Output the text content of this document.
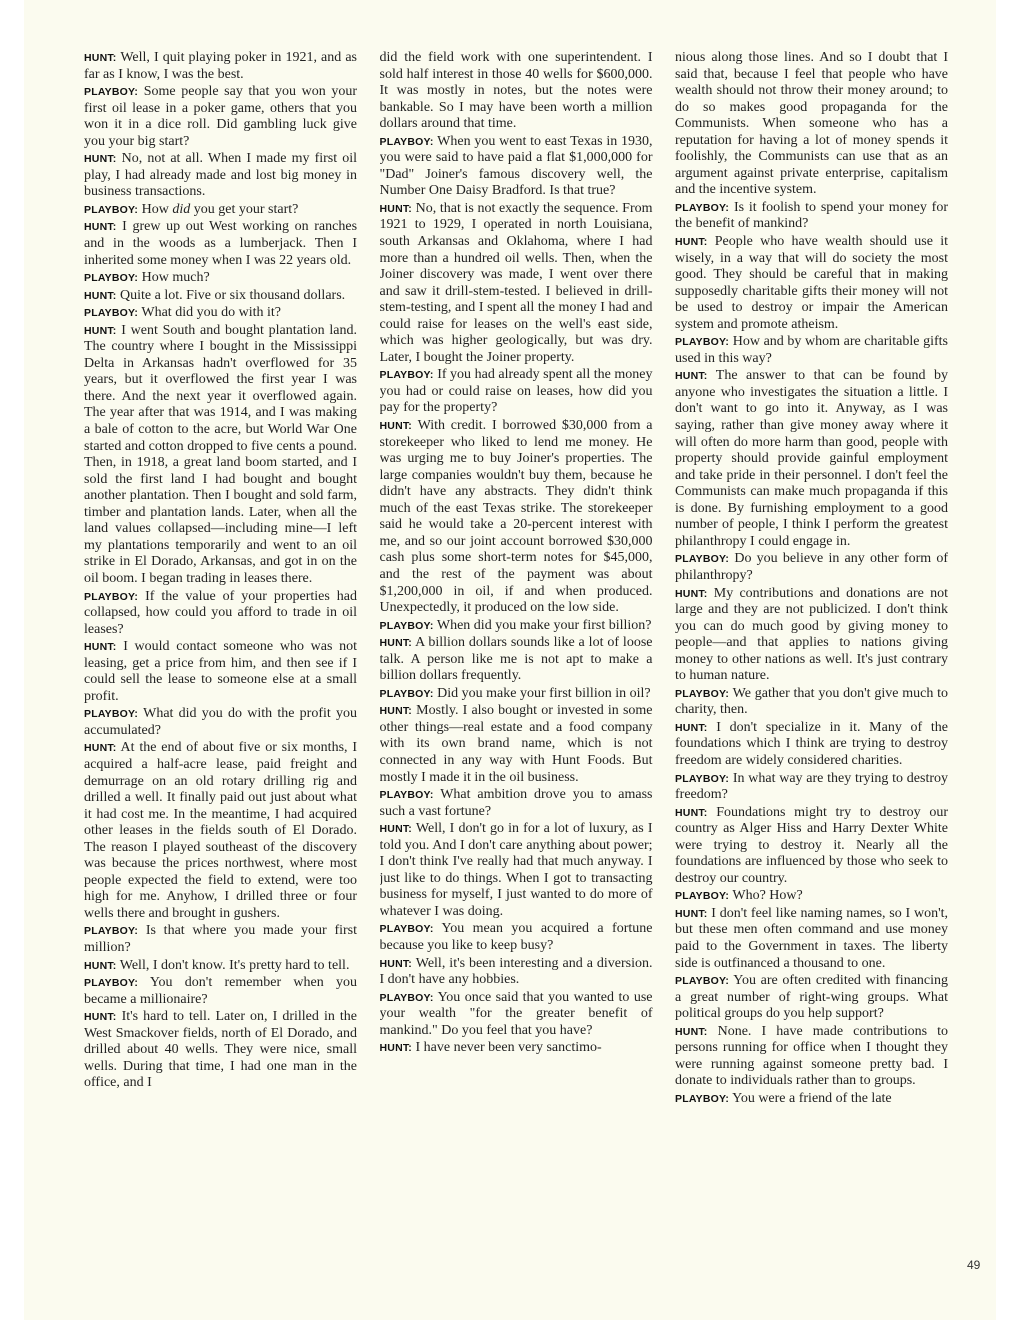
HUNT: Well, I quit playing poker in 1921, and as far as I know, I was the best.

PLAYBOY: Some people say that you won your first oil lease in a poker game, others that you won it in a dice roll. Did gambling luck give you your big start?

HUNT: No, not at all. When I made my first oil play, I had already made and lost big money in business transactions.

PLAYBOY: How did you get your start?

HUNT: I grew up out West working on ranches and in the woods as a lumberjack. Then I inherited some money when I was 22 years old.

PLAYBOY: How much?

HUNT: Quite a lot. Five or six thousand dollars.

PLAYBOY: What did you do with it?

HUNT: I went South and bought plantation land. The country where I bought in the Mississippi Delta in Arkansas hadn't overflowed for 35 years, but it overflowed the first year I was there. And the next year it overflowed again. The year after that was 1914, and I was making a bale of cotton to the acre, but World War One started and cotton dropped to five cents a pound. Then, in 1918, a great land boom started, and I sold the first land I had bought and bought another plantation. Then I bought and sold farm, timber and plantation lands. Later, when all the land values collapsed—including mine—I left my plantations temporarily and went to an oil strike in El Dorado, Arkansas, and got in on the oil boom. I began trading in leases there.

PLAYBOY: If the value of your properties had collapsed, how could you afford to trade in oil leases?

HUNT: I would contact someone who was not leasing, get a price from him, and then see if I could sell the lease to someone else at a small profit.

PLAYBOY: What did you do with the profit you accumulated?

HUNT: At the end of about five or six months, I acquired a half-acre lease, paid freight and demurrage on an old rotary drilling rig and drilled a well. It finally paid out just about what it had cost me. In the meantime, I had acquired other leases in the fields south of El Dorado. The reason I played southeast of the discovery was because the prices northwest, where most people expected the field to extend, were too high for me. Anyhow, I drilled three or four wells there and brought in gushers.

PLAYBOY: Is that where you made your first million?

HUNT: Well, I don't know. It's pretty hard to tell.

PLAYBOY: You don't remember when you became a millionaire?

HUNT: It's hard to tell. Later on, I drilled in the West Smackover fields, north of El Dorado, and drilled about 40 wells. They were nice, small wells. During that time, I had one man in the office, and I

did the field work with one superintendent. I sold half interest in those 40 wells for $600,000. It was mostly in notes, but the notes were bankable. So I may have been worth a million dollars around that time.

PLAYBOY: When you went to east Texas in 1930, you were said to have paid a flat $1,000,000 for "Dad" Joiner's famous discovery well, the Number One Daisy Bradford. Is that true?

HUNT: No, that is not exactly the sequence. From 1921 to 1929, I operated in north Louisiana, south Arkansas and Oklahoma, where I had more than a hundred oil wells. Then, when the Joiner discovery was made, I went over there and saw it drill-stem-tested. I believed in drill-stem-testing, and I spent all the money I had and could raise for leases on the well's east side, which was higher geologically, but was dry. Later, I bought the Joiner property.

PLAYBOY: If you had already spent all the money you had or could raise on leases, how did you pay for the property?

HUNT: With credit. I borrowed $30,000 from a storekeeper who liked to lend me money. He was urging me to buy Joiner's properties. The large companies wouldn't buy them, because he didn't have any abstracts. They didn't think much of the east Texas strike. The storekeeper said he would take a 20-percent interest with me, and so our joint account borrowed $30,000 cash plus some short-term notes for $45,000, and the rest of the payment was about $1,200,000 in oil, if and when produced. Unexpectedly, it produced on the low side.

PLAYBOY: When did you make your first billion?

HUNT: A billion dollars sounds like a lot of loose talk. A person like me is not apt to make a billion dollars frequently.

PLAYBOY: Did you make your first billion in oil?

HUNT: Mostly. I also bought or invested in some other things—real estate and a food company with its own brand name, which is not connected in any way with Hunt Foods. But mostly I made it in the oil business.

PLAYBOY: What ambition drove you to amass such a vast fortune?

HUNT: Well, I don't go in for a lot of luxury, as I told you. And I don't care anything about power; I don't think I've really had that much anyway. I just like to do things. When I got to transacting business for myself, I just wanted to do more of whatever I was doing.

PLAYBOY: You mean you acquired a fortune because you like to keep busy?

HUNT: Well, it's been interesting and a diversion. I don't have any hobbies.

PLAYBOY: You once said that you wanted to use your wealth "for the greater benefit of mankind." Do you feel that you have?

HUNT: I have never been very sanctimo-

nious along those lines. And so I doubt that I said that, because I feel that people who have wealth should not throw their money around; to do so makes good propaganda for the Communists. When someone who has a reputation for having a lot of money spends it foolishly, the Communists can use that as an argument against private enterprise, capitalism and the incentive system.

PLAYBOY: Is it foolish to spend your money for the benefit of mankind?

HUNT: People who have wealth should use it wisely, in a way that will do society the most good. They should be careful that in making supposedly charitable gifts their money will not be used to destroy or impair the American system and promote atheism.

PLAYBOY: How and by whom are charitable gifts used in this way?

HUNT: The answer to that can be found by anyone who investigates the situation a little. I don't want to go into it. Anyway, as I was saying, rather than give money away where it will often do more harm than good, people with property should provide gainful employment and take pride in their personnel. I don't feel the Communists can make much propaganda if this is done. By furnishing employment to a good number of people, I think I perform the greatest philanthropy I could engage in.

PLAYBOY: Do you believe in any other form of philanthropy?

HUNT: My contributions and donations are not large and they are not publicized. I don't think you can do much good by giving money to people—and that applies to nations giving money to other nations as well. It's just contrary to human nature.

PLAYBOY: We gather that you don't give much to charity, then.

HUNT: I don't specialize in it. Many of the foundations which I think are trying to destroy freedom are widely considered charities.

PLAYBOY: In what way are they trying to destroy freedom?

HUNT: Foundations might try to destroy our country as Alger Hiss and Harry Dexter White were trying to destroy it. Nearly all the foundations are influenced by those who seek to destroy our country.

PLAYBOY: Who? How?

HUNT: I don't feel like naming names, so I won't, but these men often command and use money paid to the Government in taxes. The liberty side is outfinanced a thousand to one.

PLAYBOY: You are often credited with financing a great number of right-wing groups. What political groups do you help support?

HUNT: None. I have made contributions to persons running for office when I thought they were running against someone pretty bad. I donate to individuals rather than to groups.

PLAYBOY: You were a friend of the late

49
